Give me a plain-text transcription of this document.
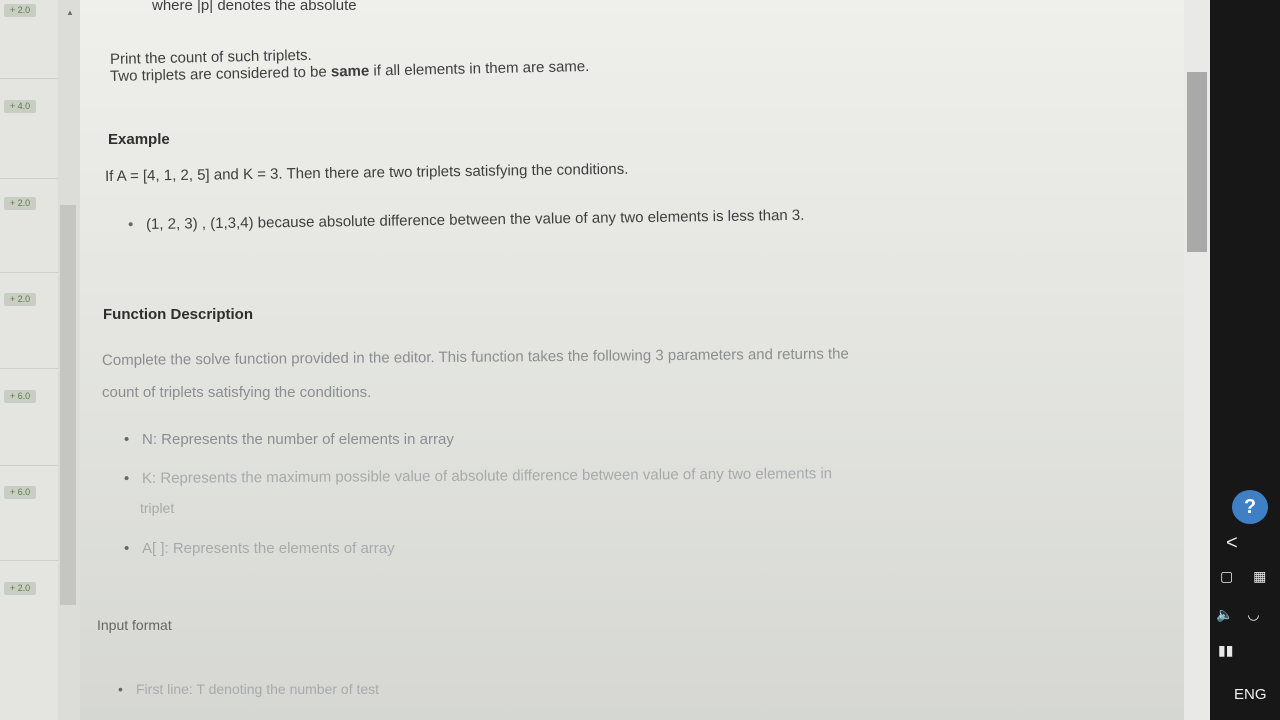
+ 2.0
+ 4.0
+ 2.0
+ 2.0
+ 6.0
+ 6.0
+ 2.0
▲	where |p| denotes the absolute
Print the count of such triplets.
Two triplets are considered to be same if all elements in them are same.
Example
If A = [4, 1, 2, 5] and K = 3. Then there are two triplets satisfying the conditions.
• (1, 2, 3) , (1,3,4) because absolute difference between the value of any two elements is less than 3.
Function Description
Complete the solve function provided in the editor. This function takes the following 3 parameters and returns the
count of triplets satisfying the conditions.
• N: Represents the number of elements in array
• K: Represents the maximum possible value of absolute difference between value of any two elements in
triplet
• A[ ]: Represents the elements of array
Input format
• First line: T denoting the number of test
?
<
▢ ▦
🔈 ◡
▮▮
ENG
